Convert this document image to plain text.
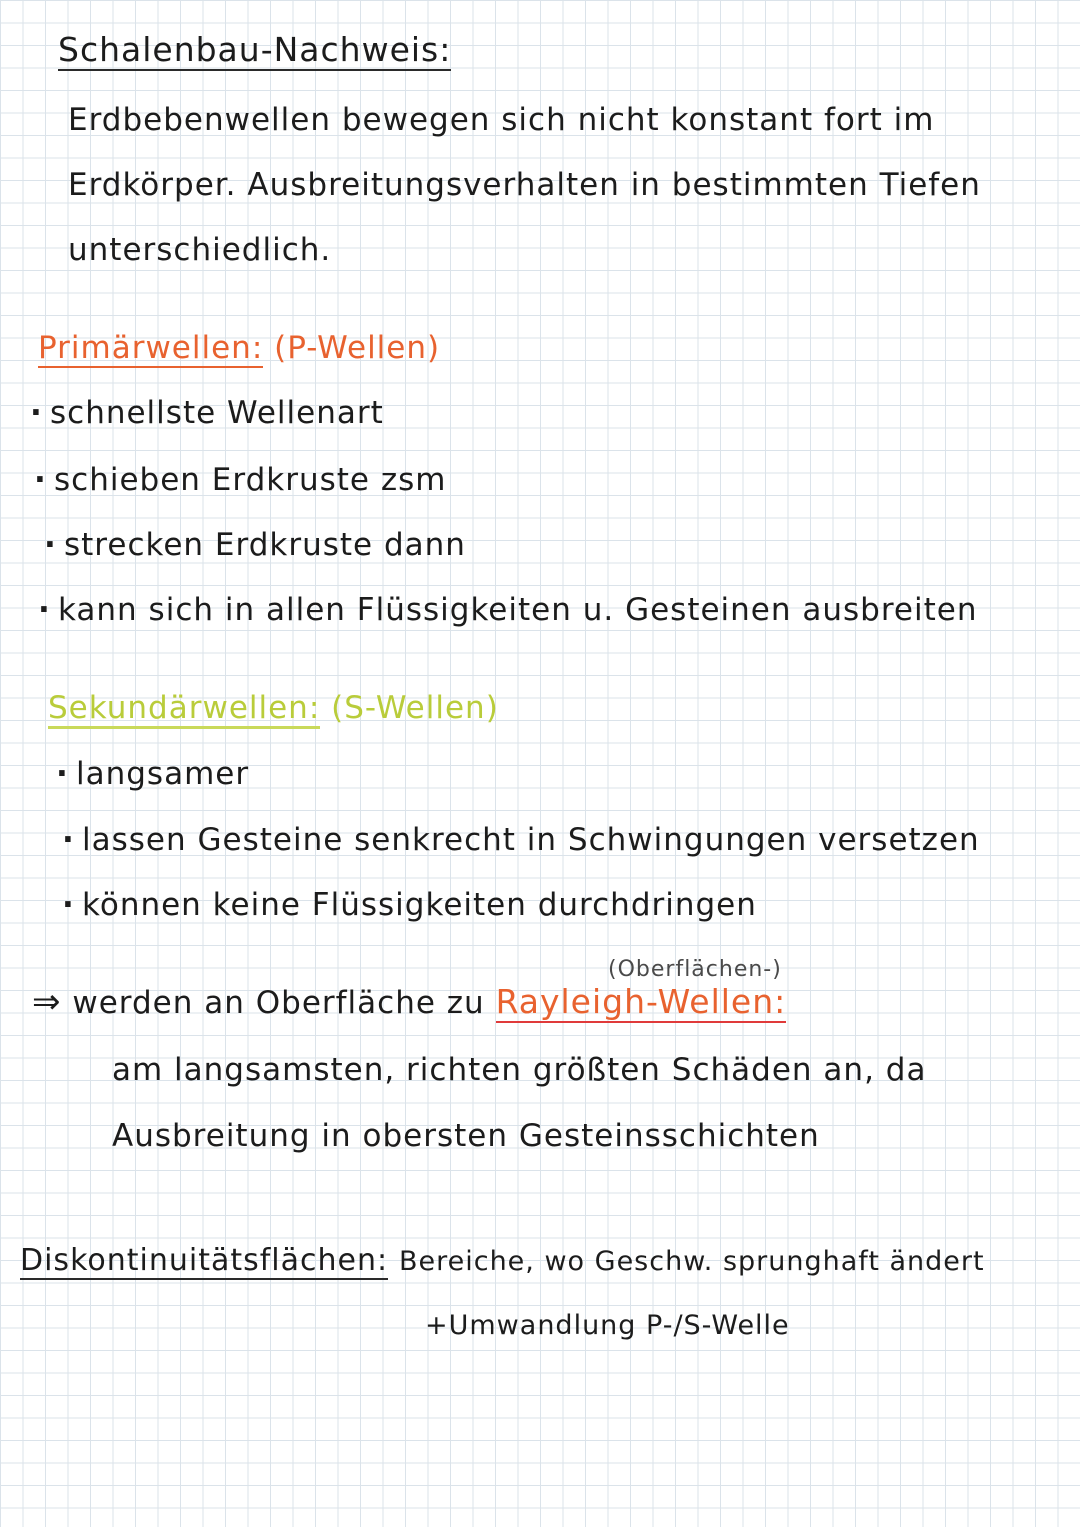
Schalenbau-Nachweis:
Erdbebenwellen bewegen sich nicht konstant fort im
Erdkörper. Ausbreitungsverhalten in bestimmten Tiefen
unterschiedlich.
Primärwellen: (P-Wellen)
· schnellste Wellenart
· schieben Erdkruste zsm
· strecken Erdkruste dann
· kann sich in allen Flüssigkeiten u. Gesteinen ausbreiten
Sekundärwellen: (S-Wellen)
· langsamer
· lassen Gesteine senkrecht in Schwingungen versetzen
· können keine Flüssigkeiten durchdringen
(Oberflächen-)
⇒ werden an Oberfläche zu Rayleigh-Wellen:
am langsamsten, richten größten Schäden an, da
Ausbreitung in obersten Gesteinsschichten
Diskontinuitätsflächen: Bereiche, wo Geschw. sprunghaft ändert
+Umwandlung P-/S-Welle
